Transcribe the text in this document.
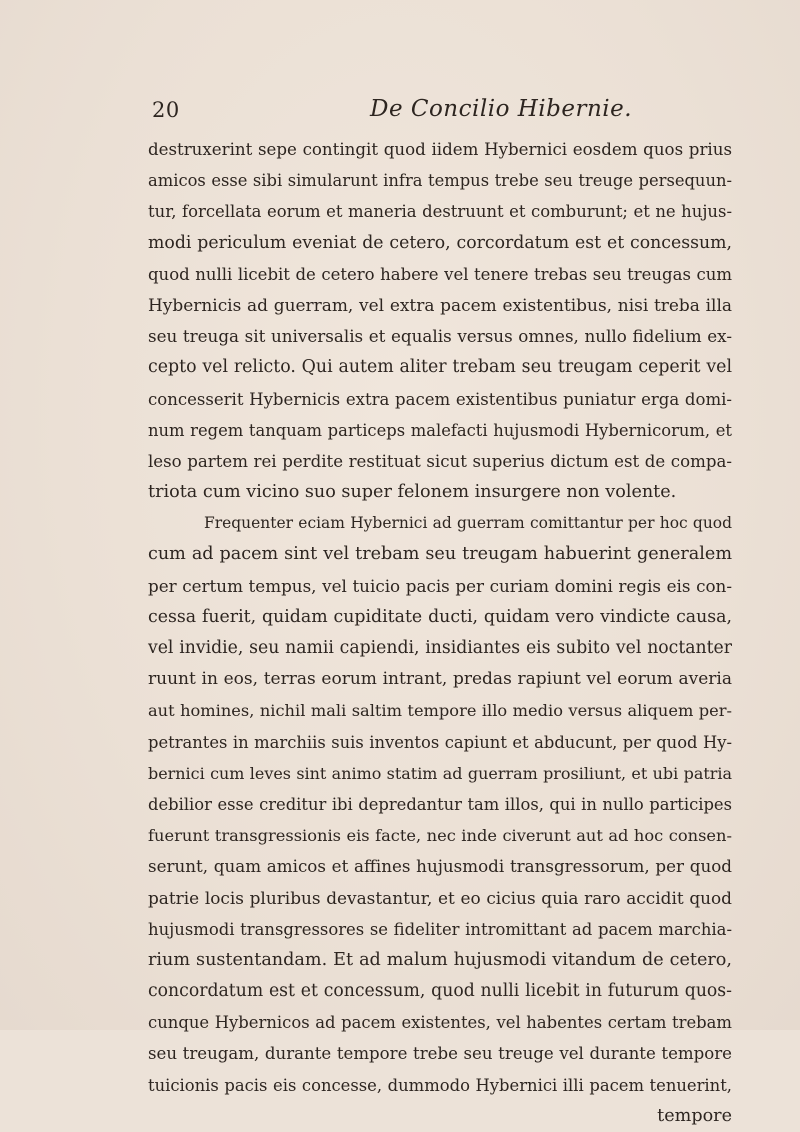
20	De Concilio Hibernie.
destruxerint sepe contingit quod iidem Hybernici eosdem quos prius
amicos esse sibi simularunt infra tempus trebe seu treuge persequun-
tur, forcellata eorum et maneria destruunt et comburunt; et ne hujus-
modi periculum eveniat de cetero, corcordatum est et concessum,
quod nulli licebit de cetero habere vel tenere trebas seu treugas cum
Hybernicis ad guerram, vel extra pacem existentibus, nisi treba illa
seu treuga sit universalis et equalis versus omnes, nullo fidelium ex-
cepto vel relicto. Qui autem aliter trebam seu treugam ceperit vel
concesserit Hybernicis extra pacem existentibus puniatur erga domi-
num regem tanquam particeps malefacti hujusmodi Hybernicorum, et
leso partem rei perdite restituat sicut superius dictum est de compa-
triota cum vicino suo super felonem insurgere non volente.
Frequenter eciam Hybernici ad guerram comittantur per hoc quod
cum ad pacem sint vel trebam seu treugam habuerint generalem
per certum tempus, vel tuicio pacis per curiam domini regis eis con-
cessa fuerit, quidam cupiditate ducti, quidam vero vindicte causa,
vel invidie, seu namii capiendi, insidiantes eis subito vel noctanter
ruunt in eos, terras eorum intrant, predas rapiunt vel eorum averia
aut homines, nichil mali saltim tempore illo medio versus aliquem per-
petrantes in marchiis suis inventos capiunt et abducunt, per quod Hy-
bernici cum leves sint animo statim ad guerram prosiliunt, et ubi patria
debilior esse creditur ibi depredantur tam illos, qui in nullo participes
fuerunt transgressionis eis facte, nec inde civerunt aut ad hoc consen-
serunt, quam amicos et affines hujusmodi transgressorum, per quod
patrie locis pluribus devastantur, et eo cicius quia raro accidit quod
hujusmodi transgressores se fideliter intromittant ad pacem marchia-
rium sustentandam. Et ad malum hujusmodi vitandum de cetero,
concordatum est et concessum, quod nulli licebit in futurum quos-
cunque Hybernicos ad pacem existentes, vel habentes certam trebam
seu treugam, durante tempore trebe seu treuge vel durante tempore
tuicionis pacis eis concesse, dummodo Hybernici illi pacem tenuerint,
tempore
